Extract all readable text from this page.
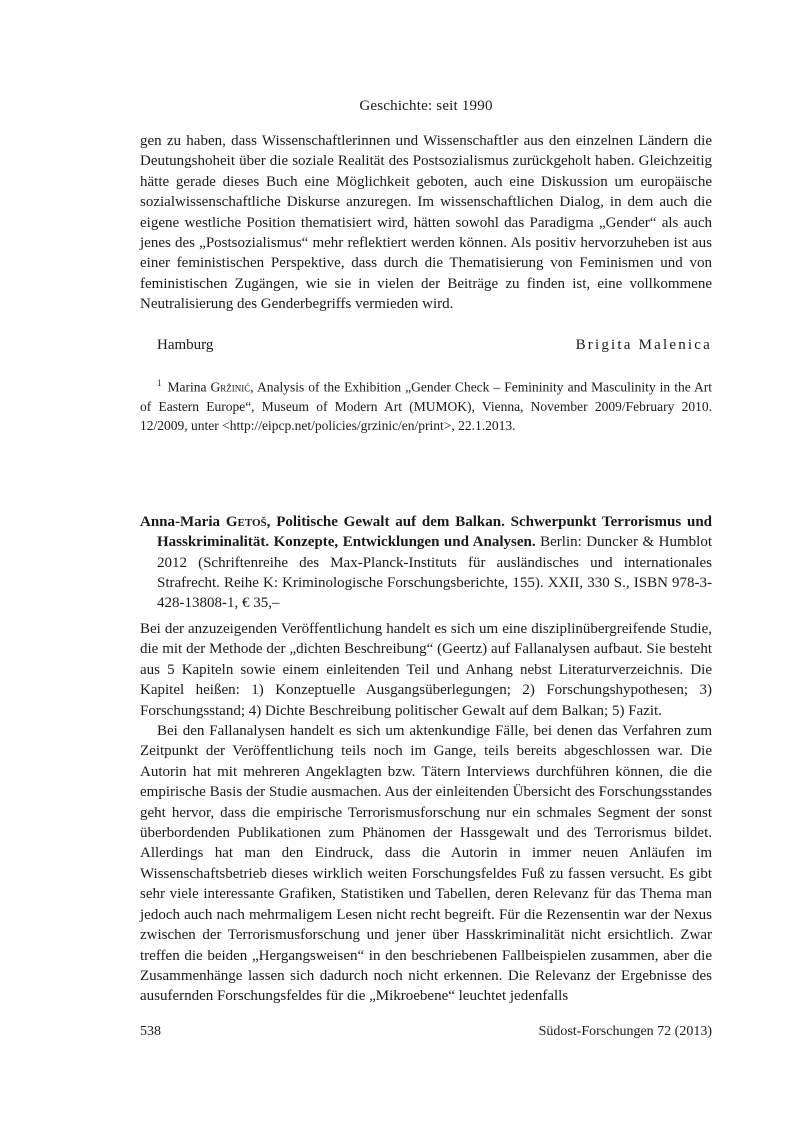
Geschichte: seit 1990

gen zu haben, dass Wissenschaftlerinnen und Wissenschaftler aus den einzelnen Ländern die Deutungshoheit über die soziale Realität des Postsozialismus zurückgeholt haben. Gleichzeitig hätte gerade dieses Buch eine Möglichkeit geboten, auch eine Diskussion um europäische sozialwissenschaftliche Diskurse anzuregen. Im wissenschaftlichen Dialog, in dem auch die eigene westliche Position thematisiert wird, hätten sowohl das Paradigma „Gender“ als auch jenes des „Postsozialismus“ mehr reflektiert werden können. Als positiv hervorzuheben ist aus einer feministischen Perspektive, dass durch die Thematisierung von Feminismen und von feministischen Zugängen, wie sie in vielen der Beiträge zu finden ist, eine vollkommene Neutralisierung des Genderbegriffs vermieden wird.

Hamburg	Brigita Malenica
$^1$ Marina Gržinić, Analysis of the Exhibition „Gender Check – Femininity and Masculinity in the Art of Eastern Europe“, Museum of Modern Art (MUMOK), Vienna, November 2009/February 2010. 12/2009, unter <http://eipcp.net/policies/grzinic/en/print>, 22.1.2013.
Anna-Maria Getoš, Politische Gewalt auf dem Balkan. Schwerpunkt Terrorismus und Hasskriminalität. Konzepte, Entwicklungen und Analysen. Berlin: Duncker & Humblot 2012 (Schriftenreihe des Max-Planck-Instituts für ausländisches und internationales Strafrecht. Reihe K: Kriminologische Forschungsberichte, 155). XXII, 330 S., ISBN 978-3-428-13808-1, € 35,–

Bei der anzuzeigenden Veröffentlichung handelt es sich um eine disziplinübergreifende Studie, die mit der Methode der „dichten Beschreibung“ (Geertz) auf Fallanalysen aufbaut. Sie besteht aus 5 Kapiteln sowie einem einleitenden Teil und Anhang nebst Literaturverzeichnis. Die Kapitel heißen: 1) Konzeptuelle Ausgangsüberlegungen; 2) Forschungshypothesen; 3) Forschungsstand; 4) Dichte Beschreibung politischer Gewalt auf dem Balkan; 5) Fazit.

Bei den Fallanalysen handelt es sich um aktenkundige Fälle, bei denen das Verfahren zum Zeitpunkt der Veröffentlichung teils noch im Gange, teils bereits abgeschlossen war. Die Autorin hat mit mehreren Angeklagten bzw. Tätern Interviews durchführen können, die die empirische Basis der Studie ausmachen. Aus der einleitenden Übersicht des Forschungsstandes geht hervor, dass die empirische Terrorismusforschung nur ein schmales Segment der sonst überbordenden Publikationen zum Phänomen der Hassgewalt und des Terrorismus bildet. Allerdings hat man den Eindruck, dass die Autorin in immer neuen Anläufen im Wissenschaftsbetrieb dieses wirklich weiten Forschungsfeldes Fuß zu fassen versucht. Es gibt sehr viele interessante Grafiken, Statistiken und Tabellen, deren Relevanz für das Thema man jedoch auch nach mehrmaligem Lesen nicht recht begreift. Für die Rezensentin war der Nexus zwischen der Terrorismusforschung und jener über Hasskriminalität nicht ersichtlich. Zwar treffen die beiden „Hergangsweisen“ in den beschriebenen Fallbeispielen zusammen, aber die Zusammenhänge lassen sich dadurch noch nicht erkennen. Die Relevanz der Ergebnisse des ausufernden Forschungsfeldes für die „Mikroebene“ leuchtet jedenfalls

538	Südost-Forschungen 72 (2013)
